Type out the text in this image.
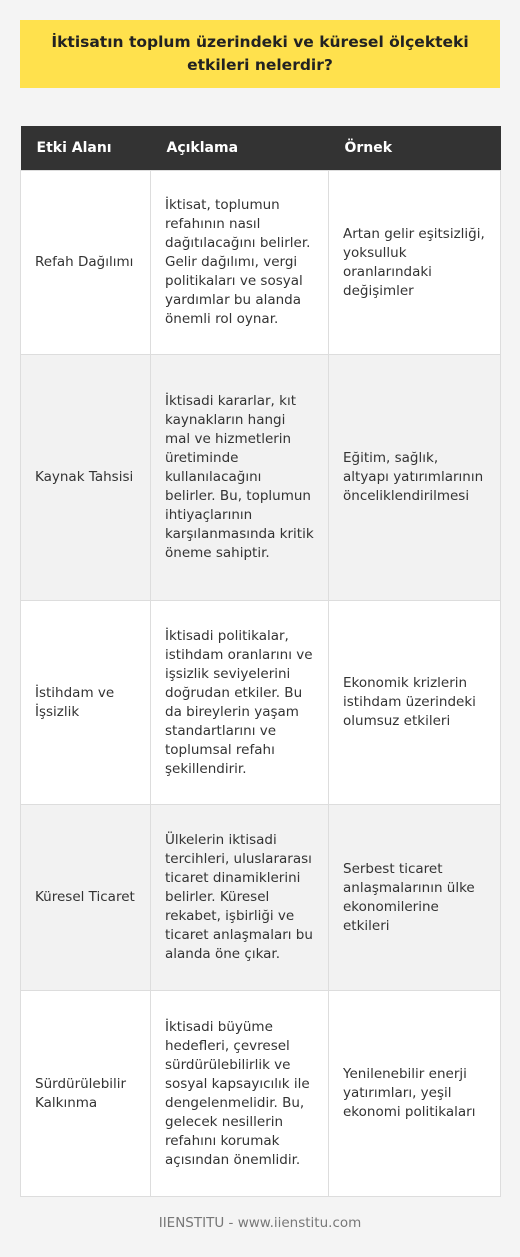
İktisatın toplum üzerindeki ve küresel ölçekteki etkileri nelerdir?
Etki Alanı	Açıklama	Örnek
Refah Dağılımı	İktisat, toplumun refahının nasıl dağıtılacağını belirler. Gelir dağılımı, vergi politikaları ve sosyal yardımlar bu alanda önemli rol oynar.	Artan gelir eşitsizliği, yoksulluk oranlarındaki değişimler
Kaynak Tahsisi	İktisadi kararlar, kıt kaynakların hangi mal ve hizmetlerin üretiminde kullanılacağını belirler. Bu, toplumun ihtiyaçlarının karşılanmasında kritik öneme sahiptir.	Eğitim, sağlık, altyapı yatırımlarının önceliklendirilmesi
İstihdam ve İşsizlik	İktisadi politikalar, istihdam oranlarını ve işsizlik seviyelerini doğrudan etkiler. Bu da bireylerin yaşam standartlarını ve toplumsal refahı şekillendirir.	Ekonomik krizlerin istihdam üzerindeki olumsuz etkileri
Küresel Ticaret	Ülkelerin iktisadi tercihleri, uluslararası ticaret dinamiklerini belirler. Küresel rekabet, işbirliği ve ticaret anlaşmaları bu alanda öne çıkar.	Serbest ticaret anlaşmalarının ülke ekonomilerine etkileri
Sürdürülebilir Kalkınma	İktisadi büyüme hedefleri, çevresel sürdürülebilirlik ve sosyal kapsayıcılık ile dengelenmelidir. Bu, gelecek nesillerin refahını korumak açısından önemlidir.	Yenilenebilir enerji yatırımları, yeşil ekonomi politikaları
IIENSTITU - www.iienstitu.com
